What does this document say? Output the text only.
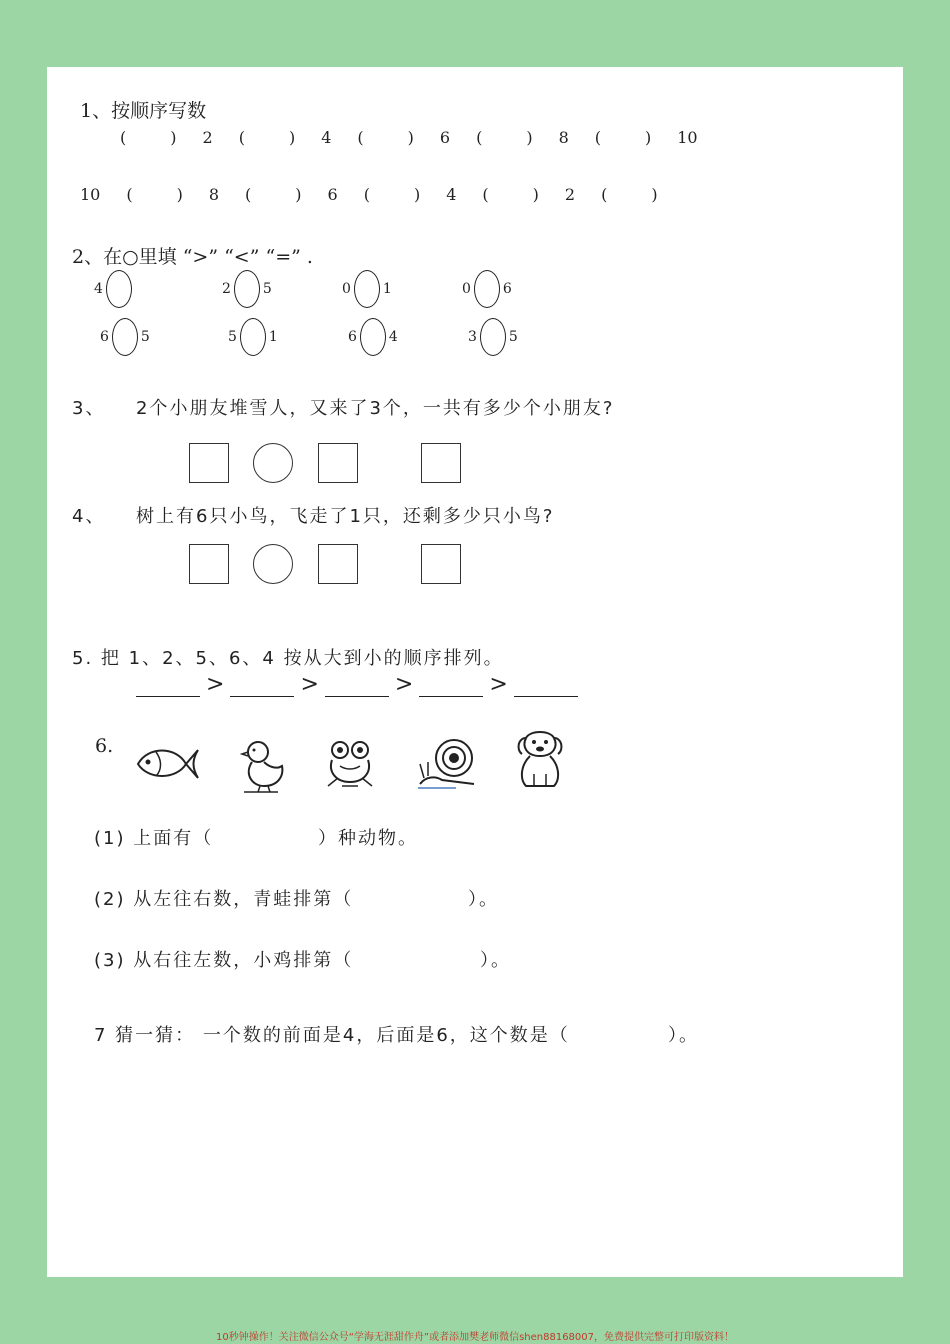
1、按顺序写数
(	) 2 (	) 4 (	) 6 (	) 8 (	) 10
10 (	) 8 (	) 6 (	) 4 (	) 2 (	)
2、在○里填 “>” “<” “=” .
4	2 5	0 1	0 6
6 5	5 1	6 4	3 5
3、 2个小朋友堆雪人，又来了3个，一共有多少个小朋友?
4、 树上有6只小鸟，飞走了1只，还剩多少只小鸟?
5. 把 1、2、5、6、4 按从大到小的顺序排列。
>	>	>	>
6.
(1) 上面有（	）种动物。
(2) 从左往右数，青蛙排第（	）。
(3) 从右往左数，小鸡排第（	）。
7 猜一猜： 一个数的前面是4，后面是6，这个数是（	）。
10秒钟操作！关注微信公众号“学海无涯甜作舟”或者添加樊老师微信shen88168007，免费提供完整可打印版资料！
